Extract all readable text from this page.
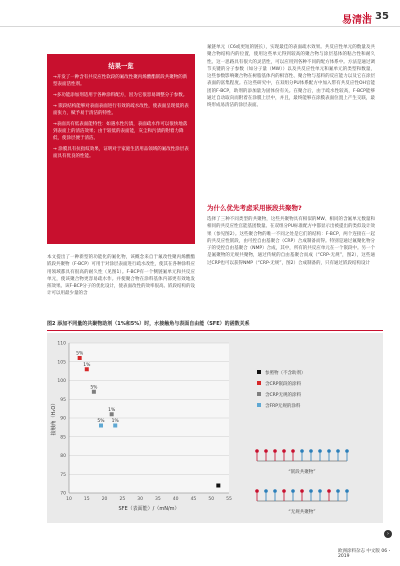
易清洁 35
结果一览
→开发了一种含有共反应性软段的氟改性聚丙烯酸酯嵌段共聚物的新型表面活性剂。
→多功能添加剂适用于各种涂料配方，因为它很容易调整分子参数。
→ 嵌段结构能够对表面表面进行有效的疏水改性，使表面呈现低的表面张力，赋予易于清洁的特性。
→表面具有低表面能特性：如遇水性污渍，表面疏水作可以很快地落到表面上的清洁效果；由于较低的表面能，灰尘和污渍的附着力降低，使涂层便于清洁。
→ 涂膜具有抗指纹效果，证明对于家庭生活用品领域的氟改性涂层表面具有优良的性能。
本文提出了一种新型的功能化的氟化物，该概念来自于氟改性聚丙烯酸酯嵌段共聚物（F-BCP）可用于对涂层表面进行疏水改性，使其在各种涂料应用领域都具有很高的耐久性（见图1）。F-BCP有一个侧链氟单元和共反应单元，使该聚合物更容易疏水作。并使聚合物在涂料基体内部更有效地发挥效果。该F-BCP分子的优化设计，使表面改性的效率很高。嵌段结构的设计可以用最少量的含
氟链单元（C6或更短的链长），实现最佳的表面疏水效果。共反应性单元的数量及共聚合物结构内的位置，使用这些单元得到较高的聚合物与涂层基体的粘合性和耐久性。这一思路具有很大的灵活性，可以应用到各种不同的配方体系中。方法是通过调节关键的分子参数（如分子量（MW））以及共反应性单元和氟单元的类型和数量，这些参数影响聚合物在树脂基体内的相容性、聚合物与基料的反应能力以及它在涂层表面的富集程度。在这些研究中，在双组分PU体系配方中加入带有共反应性OH官能团的F-BCP，助剂的添加量为固体份有关。在聚合后，由于疏水性较高，F-BCP能够通过自动取向而附着在涂膜上层中，并且，最终能够在涂膜表面位置上产生交联，最终形成易清洁的涂层表面。
为什么优先考虑采用嵌段共聚物?
选择了三种不同类型的共聚物，这些共聚物具有相似的MW、相同的含氟单元数量和相同的共反应性官能基团数量。在双组分PU标准配方中都显示出被提出的类似设计效果（参见图2）。这些聚合物的唯一不同之处是它们的结构：F-BCP，两个连接在一起的共反应性嵌段，由可控自由基聚合（CRP）合成制备而得。特别是通过氟聚化物分子的受控自由基聚合（NMP）合成，其中，所有的共反应单元在一个嵌段中。另一个是氟聚物的无规共聚物，通过传统的自由基聚合而成（“CRP-无规”，图2），这些通过CRP也可以获得NMP（“CRP-无规”，图2）合成制备的，只有通过嵌段结构设计
图2 添加不同量的共聚物助剂（1%和5%）时，水接触角与表面自由能（SFE）的函数关系
70
75
80
85
90
95
100
105
110
10	15	20	25	30	35	40	45	50	55
SFE（表面能）/（mN/m）
接触角（H₂O）
5%
1%
5%
1%
5% 1%
参照物（不含助剂）
含CRP嵌段的涂料
含CRP无规的涂料
含FRP无规的涂料
“嵌段共聚物”
“无规共聚物”
›
欧洲涂料杂志 中文版 06・2019
